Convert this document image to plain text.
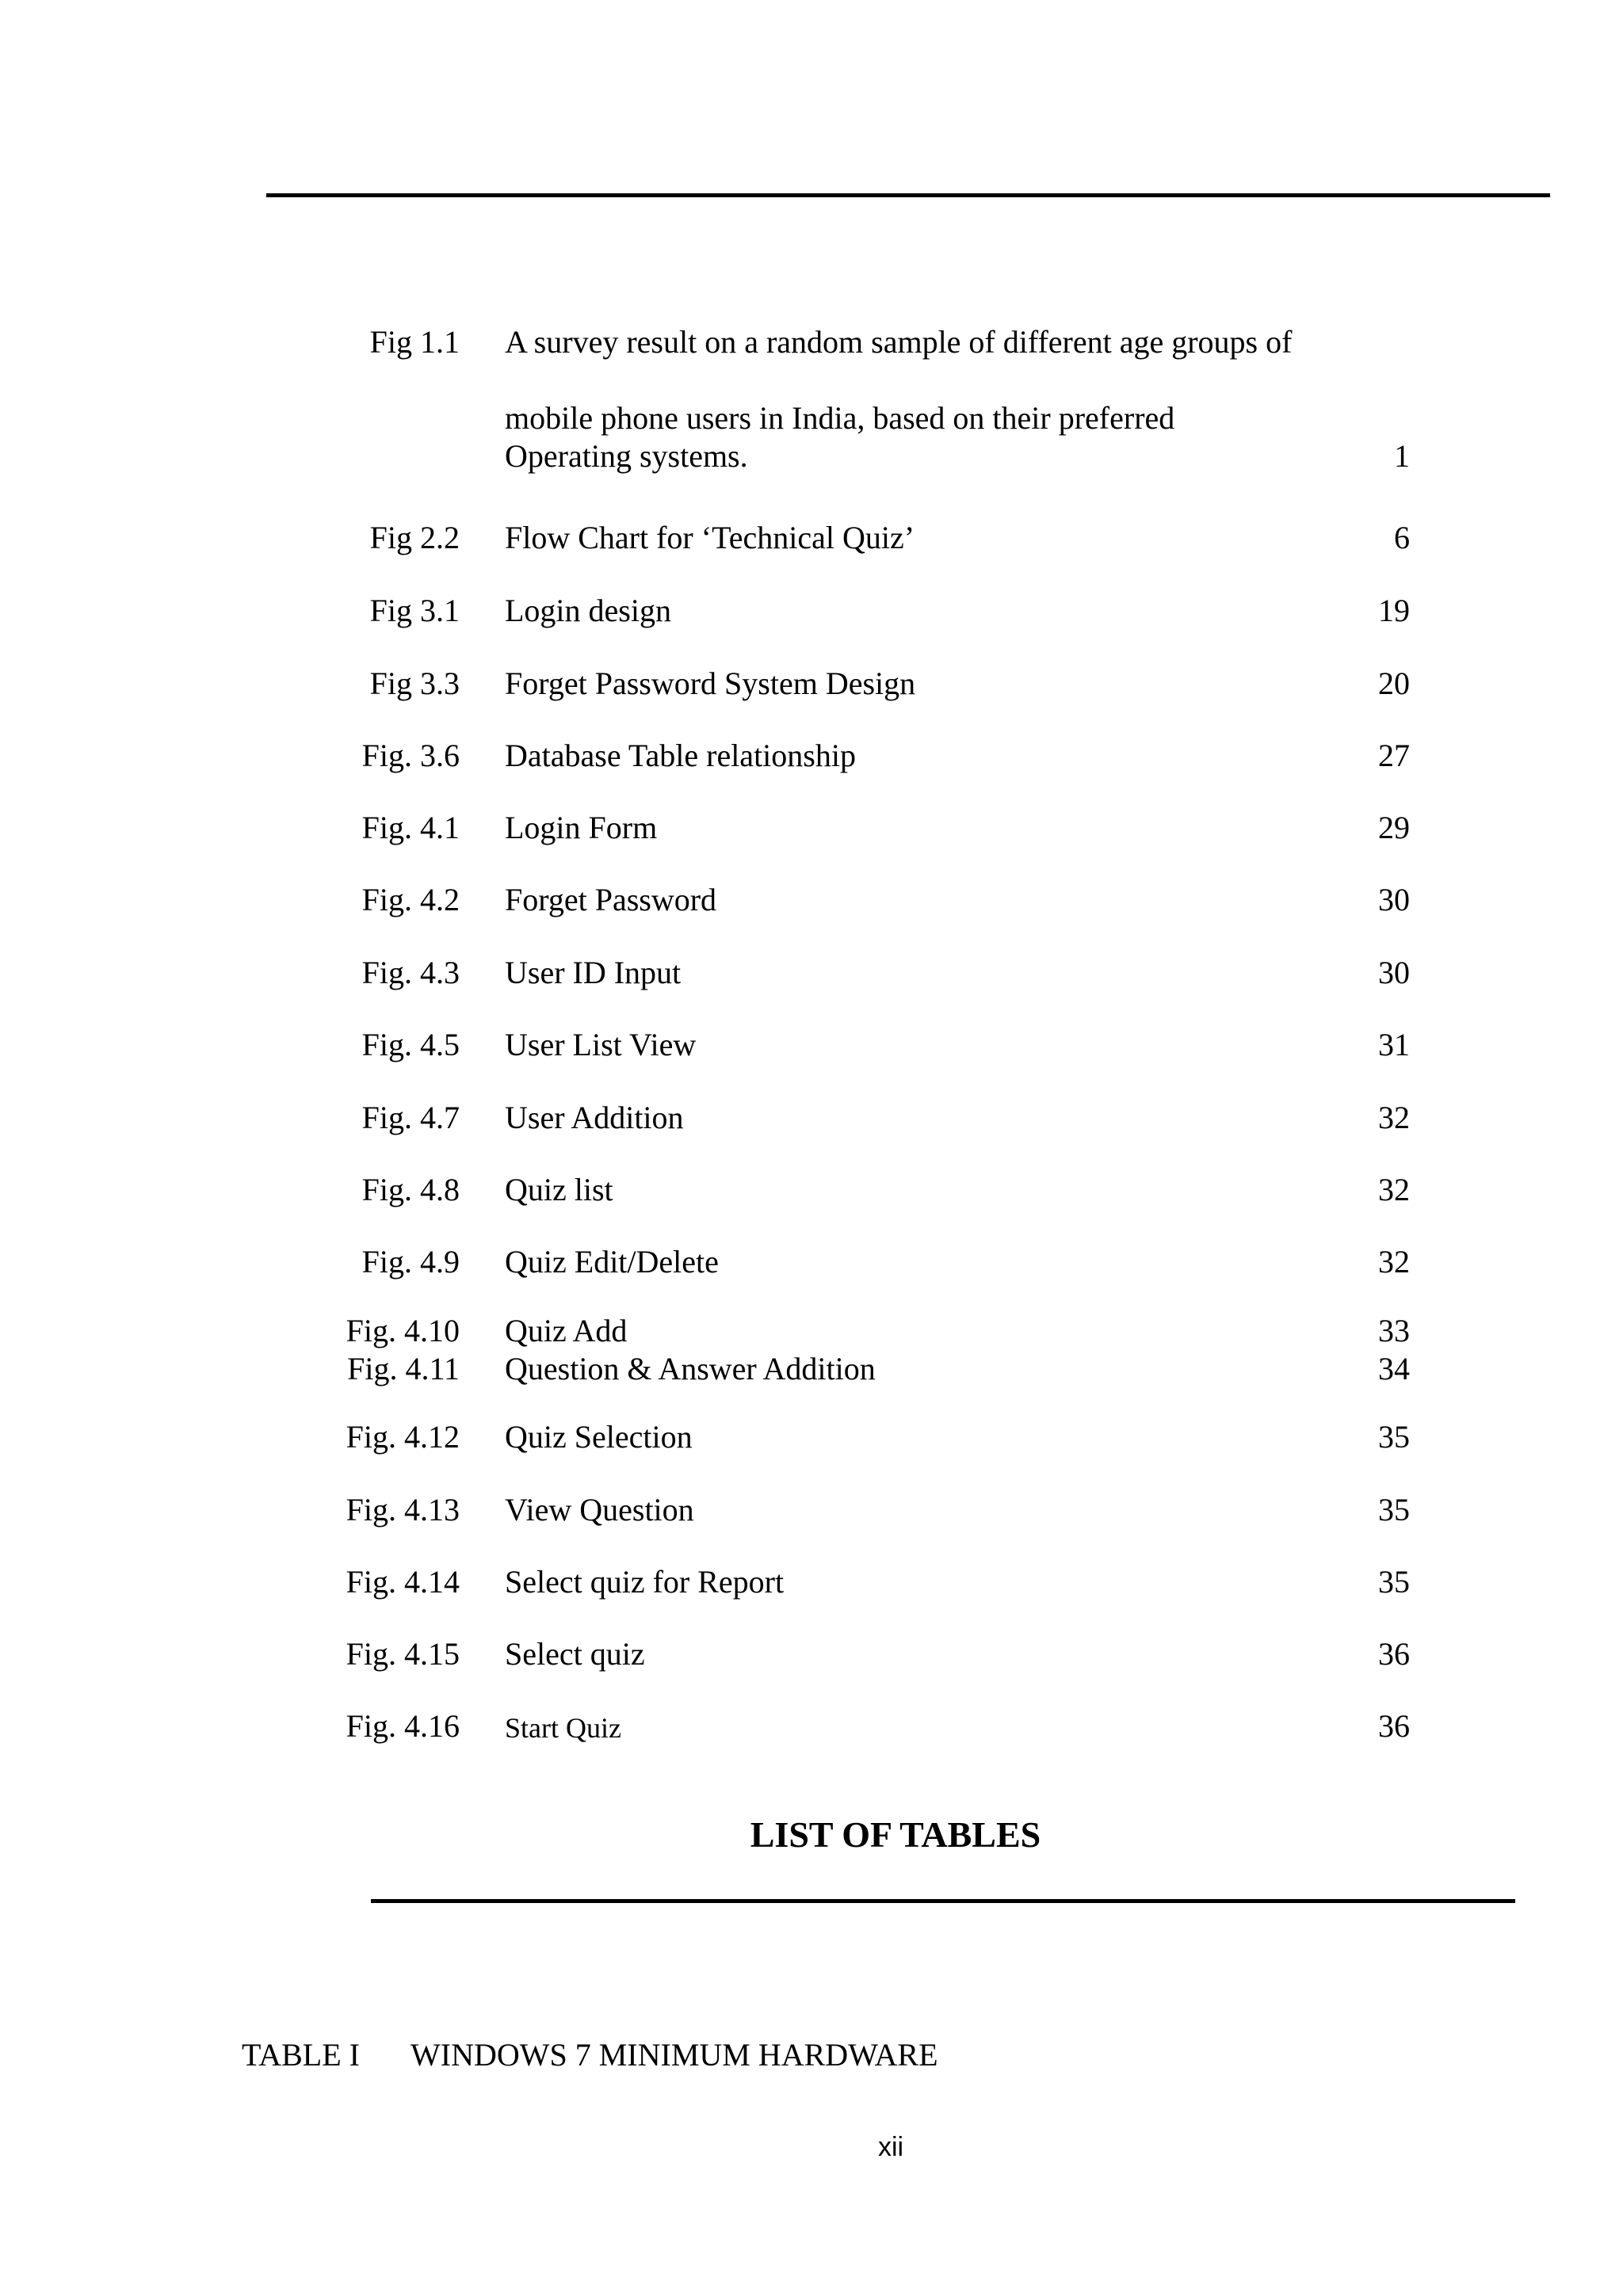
Fig 1.1 A survey result on a random sample of different age groups of
mobile phone users in India, based on their preferred
Operating systems.	1
Fig 2.2 Flow Chart for ‘Technical Quiz’	6
Fig 3.1 Login design	19
Fig 3.3 Forget Password System Design	20
Fig. 3.6 Database Table relationship	27
Fig. 4.1 Login Form	29
Fig. 4.2 Forget Password	30
Fig. 4.3 User ID Input	30
Fig. 4.5 User List View	31
Fig. 4.7 User Addition	32
Fig. 4.8 Quiz list	32
Fig. 4.9 Quiz Edit/Delete	32
Fig. 4.10 Quiz Add	33
Fig. 4.11 Question & Answer Addition	34
Fig. 4.12 Quiz Selection	35
Fig. 4.13 View Question	35
Fig. 4.14 Select quiz for Report	35
Fig. 4.15 Select quiz	36
Fig. 4.16 Start Quiz	36
LIST OF TABLES
TABLE I WINDOWS 7 MINIMUM HARDWARE
xii
